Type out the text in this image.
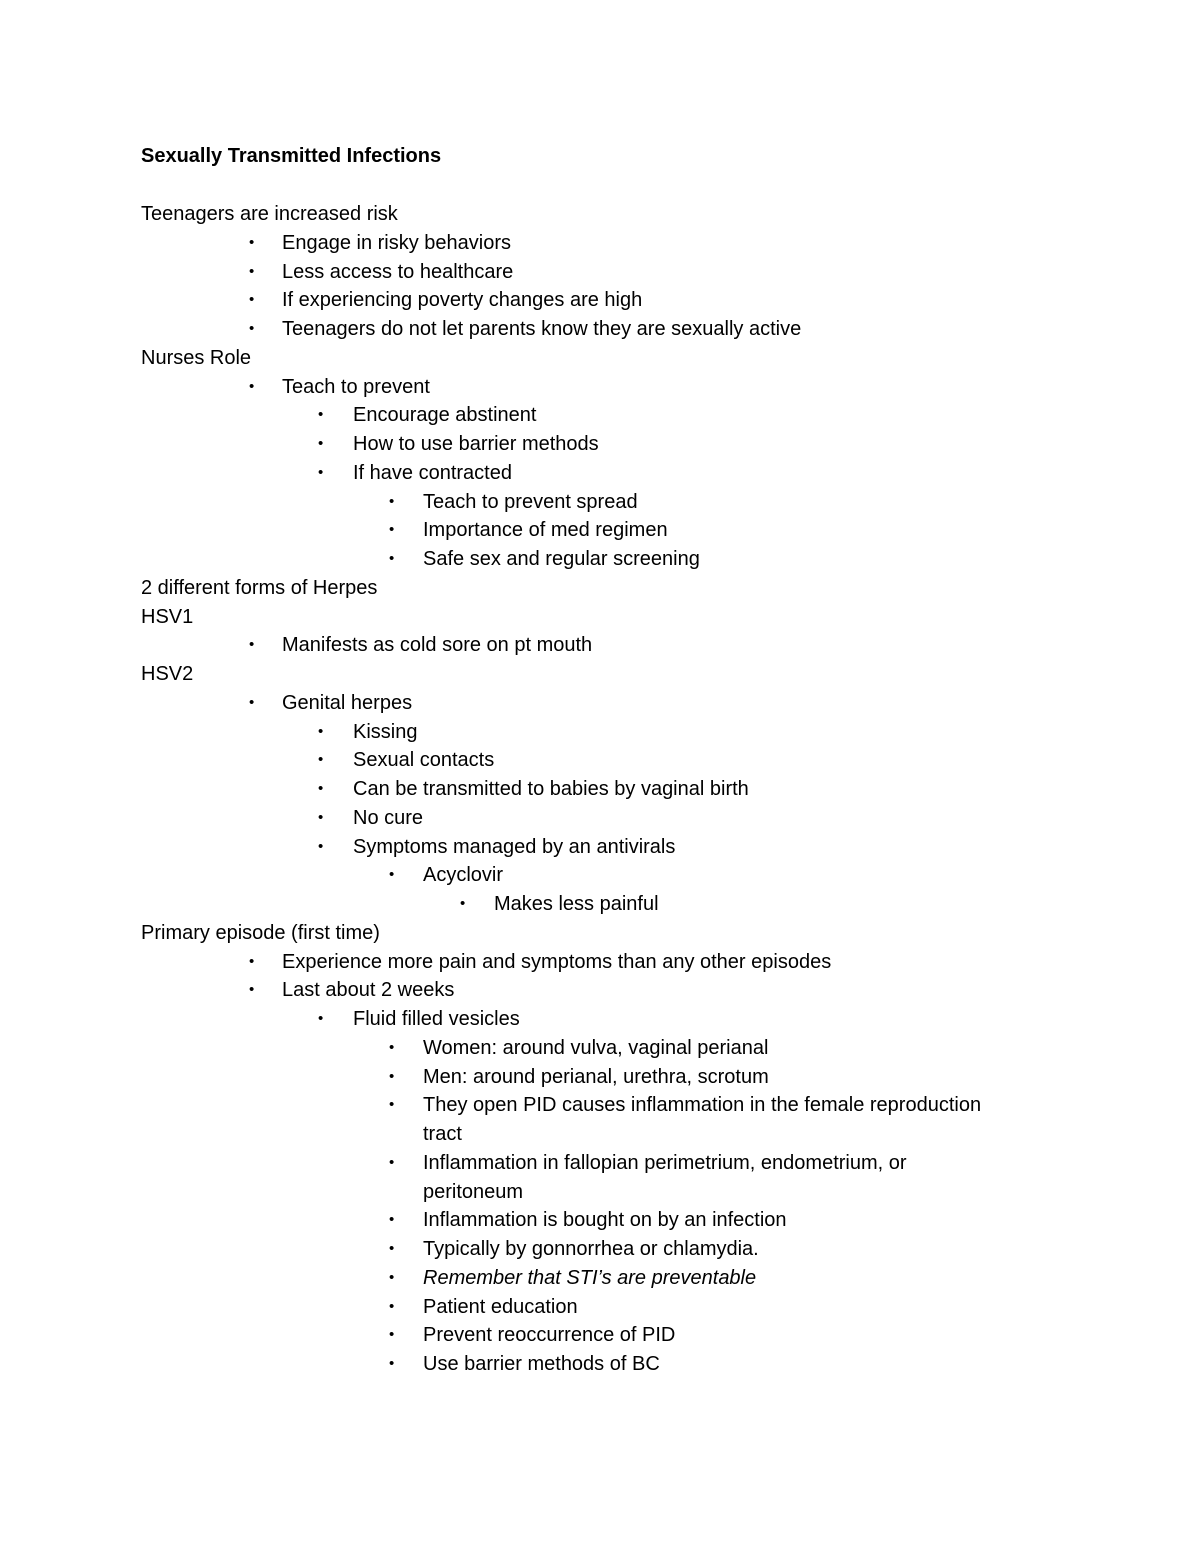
Sexually Transmitted Infections
Teenagers are increased risk
• Engage in risky behaviors
• Less access to healthcare
• If experiencing poverty changes are high
• Teenagers do not let parents know they are sexually active
Nurses Role
• Teach to prevent
• Encourage abstinent
• How to use barrier methods
• If have contracted
• Teach to prevent spread
• Importance of med regimen
• Safe sex and regular screening
2 different forms of Herpes
HSV1
• Manifests as cold sore on pt mouth
HSV2
• Genital herpes
• Kissing
• Sexual contacts
• Can be transmitted to babies by vaginal birth
• No cure
• Symptoms managed by an antivirals
• Acyclovir
• Makes less painful
Primary episode (first time)
• Experience more pain and symptoms than any other episodes
• Last about 2 weeks
• Fluid filled vesicles
• Women: around vulva, vaginal perianal
• Men: around perianal, urethra, scrotum
• They open PID causes inflammation in the female reproduction
tract
• Inflammation in fallopian perimetrium, endometrium, or
peritoneum
• Inflammation is bought on by an infection
• Typically by gonnorrhea or chlamydia.
• Remember that STI’s are preventable
• Patient education
• Prevent reoccurrence of PID
• Use barrier methods of BC
